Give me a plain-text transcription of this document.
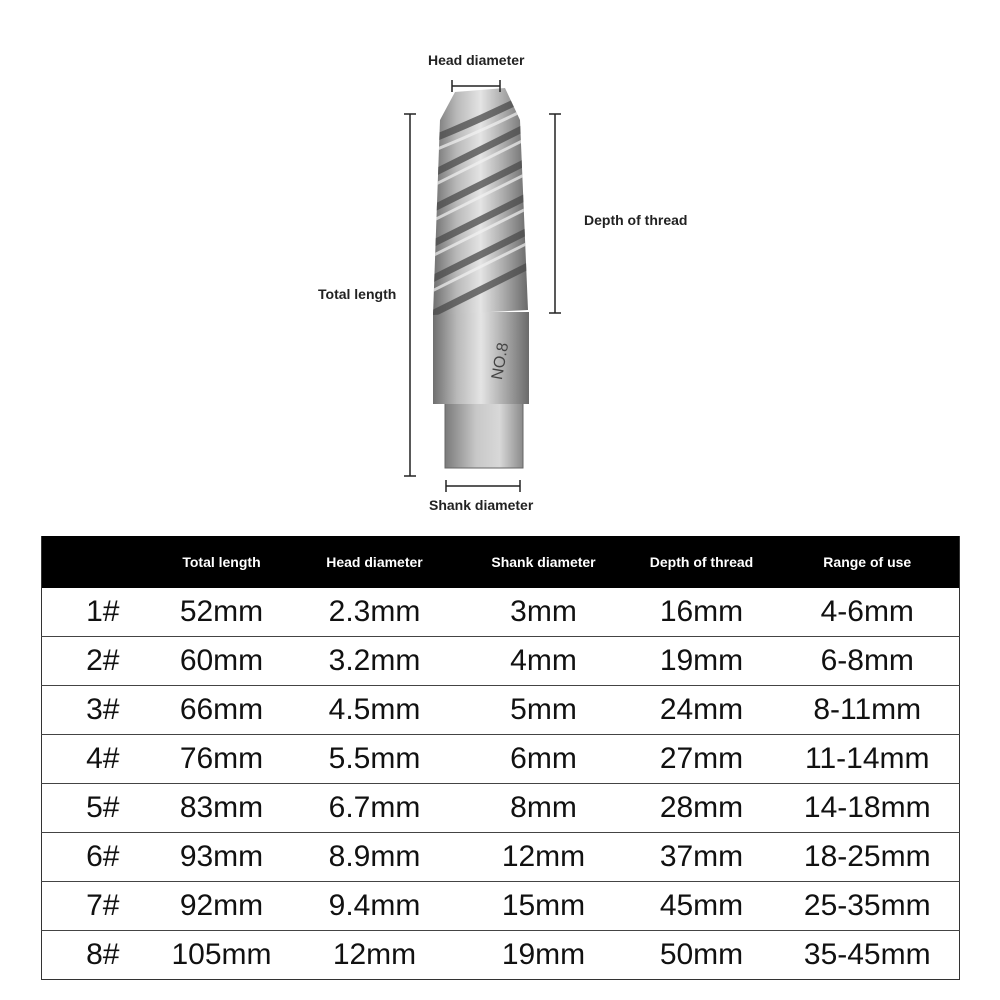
NO.8
Head diameter
Depth of thread
Total length
Shank diameter
	Total length	Head diameter	Shank diameter	Depth of thread	Range of use
1#	52mm	2.3mm	3mm	16mm	4-6mm
2#	60mm	3.2mm	4mm	19mm	6-8mm
3#	66mm	4.5mm	5mm	24mm	8-11mm
4#	76mm	5.5mm	6mm	27mm	11-14mm
5#	83mm	6.7mm	8mm	28mm	14-18mm
6#	93mm	8.9mm	12mm	37mm	18-25mm
7#	92mm	9.4mm	15mm	45mm	25-35mm
8#	105mm	12mm	19mm	50mm	35-45mm
